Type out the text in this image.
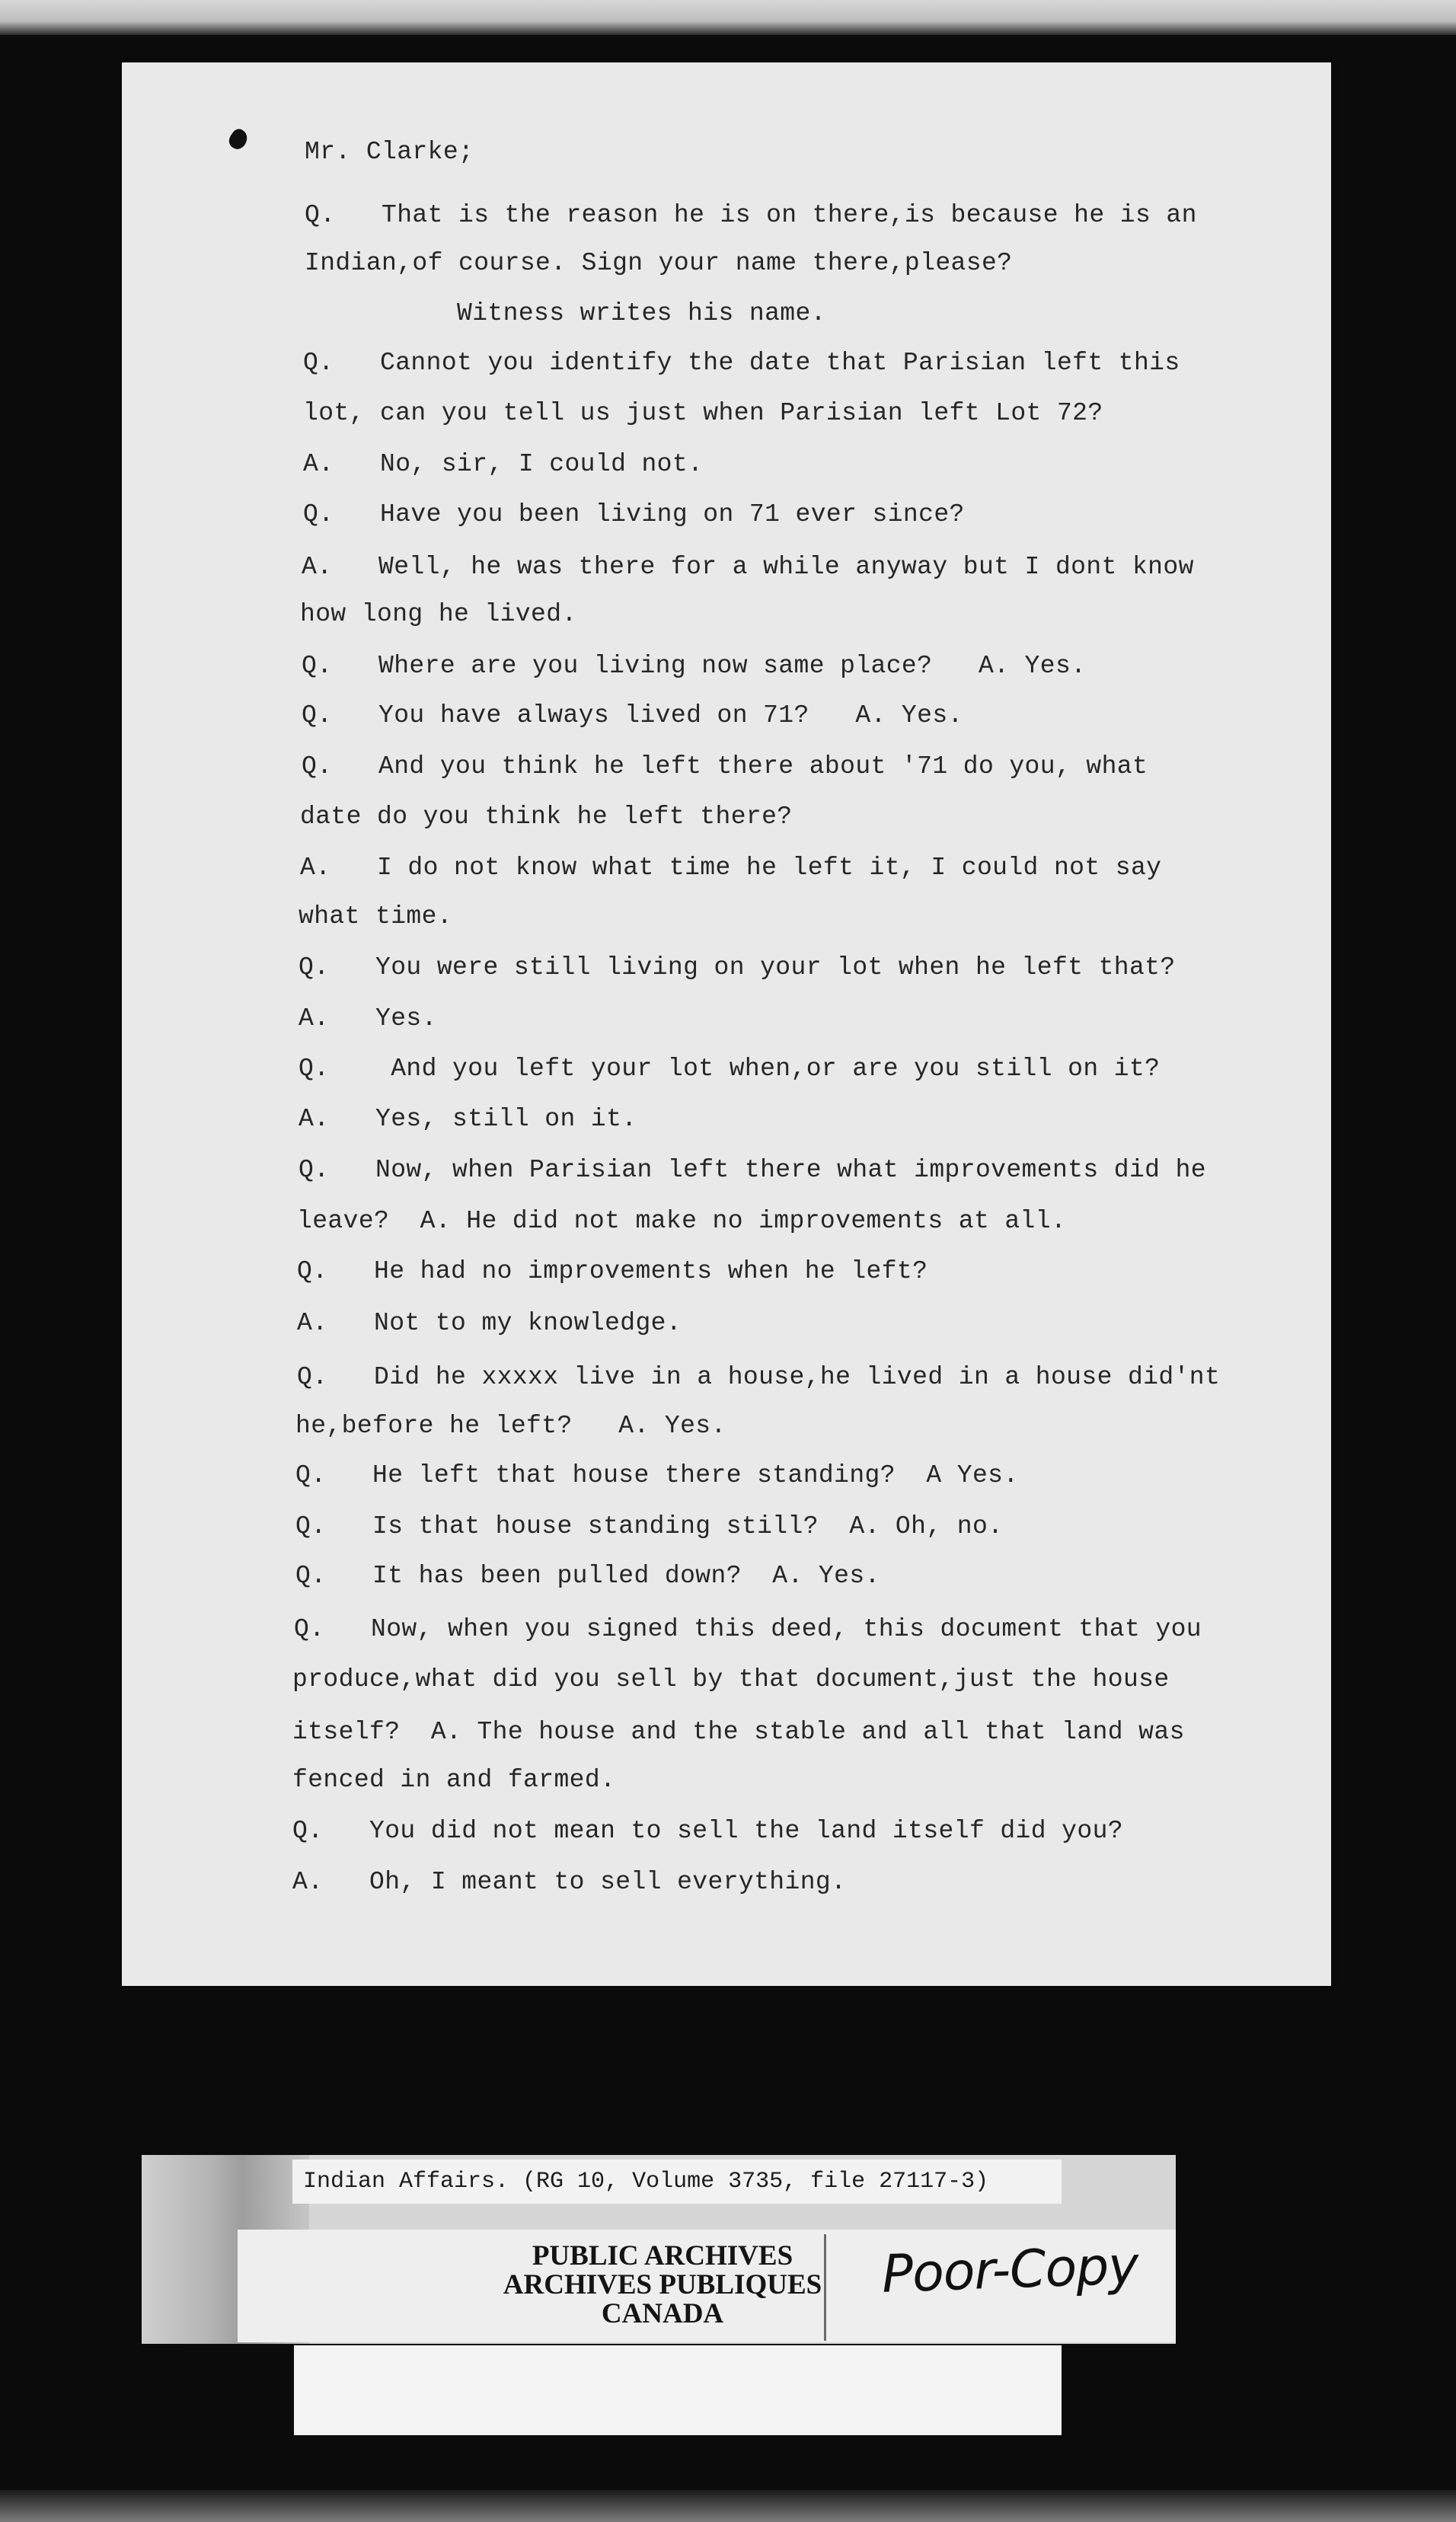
Mr. Clarke;
Q.   That is the reason he is on there,is because he is an
Indian,of course. Sign your name there,please?
Witness writes his name.
Q.   Cannot you identify the date that Parisian left this
lot, can you tell us just when Parisian left Lot 72?
A.   No, sir, I could not.
Q.   Have you been living on 71 ever since?
A.   Well, he was there for a while anyway but I dont know
how long he lived.
Q.   Where are you living now same place?   A. Yes.
Q.   You have always lived on 71?   A. Yes.
Q.   And you think he left there about '71 do you, what
date do you think he left there?
A.   I do not know what time he left it, I could not say
what time.
Q.   You were still living on your lot when he left that?
A.   Yes.
Q.    And you left your lot when,or are you still on it?
A.   Yes, still on it.
Q.   Now, when Parisian left there what improvements did he
leave?  A. He did not make no improvements at all.
Q.   He had no improvements when he left?
A.   Not to my knowledge.
Q.   Did he xxxxx live in a house,he lived in a house did'nt
he,before he left?   A. Yes.
Q.   He left that house there standing?  A Yes.
Q.   Is that house standing still?  A. Oh, no.
Q.   It has been pulled down?  A. Yes.
Q.   Now, when you signed this deed, this document that you
produce,what did you sell by that document,just the house
itself?  A. The house and the stable and all that land was
fenced in and farmed.
Q.   You did not mean to sell the land itself did you?
A.   Oh, I meant to sell everything.
32.
Indian Affairs. (RG 10, Volume 3735, file 27117-3)
PUBLIC ARCHIVES
ARCHIVES PUBLIQUES
CANADA
Poor-Copy
